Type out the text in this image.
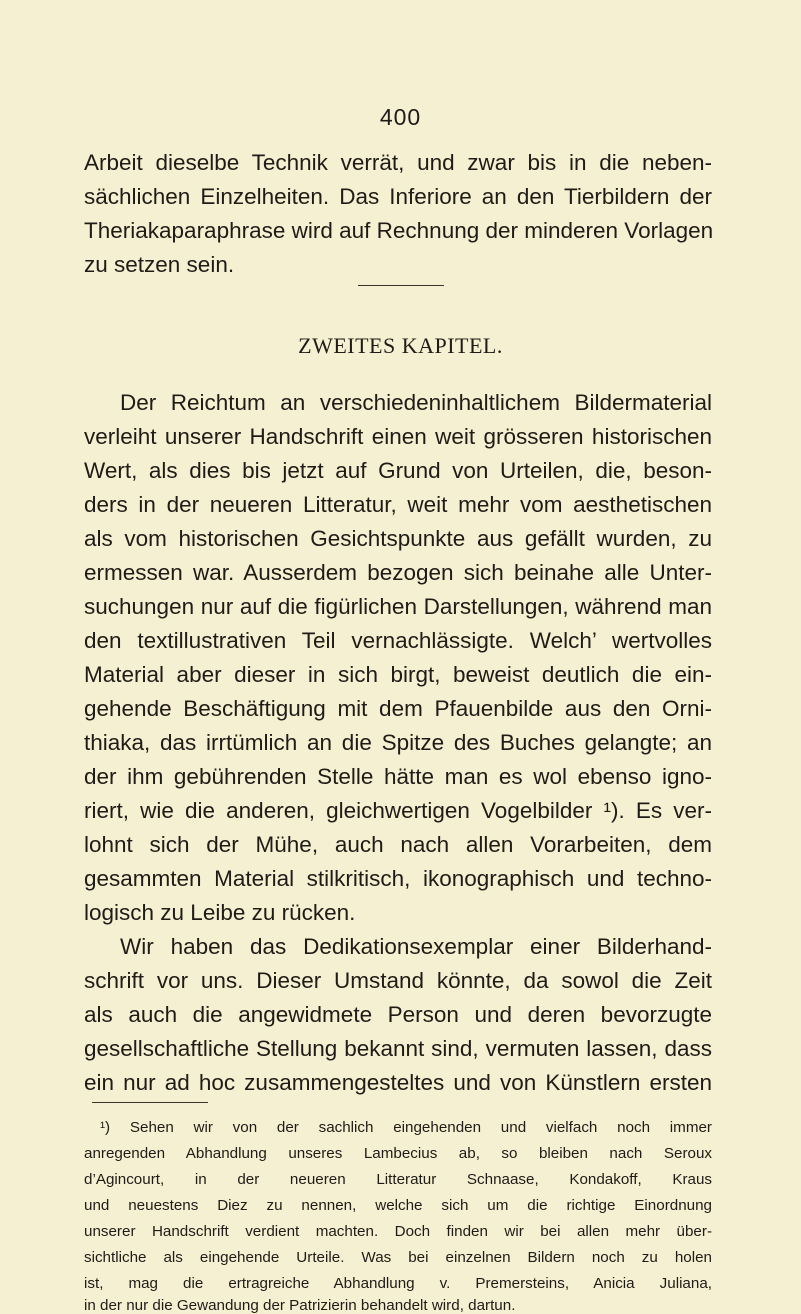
400
Arbeit dieselbe Technik verrät, und zwar bis in die neben-
sächlichen Einzelheiten. Das Inferiore an den Tierbildern der
Theriakaparaphrase wird auf Rechnung der minderen Vorlagen
zu setzen sein.
ZWEITES KAPITEL.
Der Reichtum an verschiedeninhaltlichem Bildermaterial
verleiht unserer Handschrift einen weit grösseren historischen
Wert, als dies bis jetzt auf Grund von Urteilen, die, beson-
ders in der neueren Litteratur, weit mehr vom aesthetischen
als vom historischen Gesichtspunkte aus gefällt wurden, zu
ermessen war. Ausserdem bezogen sich beinahe alle Unter-
suchungen nur auf die figürlichen Darstellungen, während man
den textillustrativen Teil vernachlässigte. Welch’ wertvolles
Material aber dieser in sich birgt, beweist deutlich die ein-
gehende Beschäftigung mit dem Pfauenbilde aus den Orni-
thiaka, das irrtümlich an die Spitze des Buches gelangte; an
der ihm gebührenden Stelle hätte man es wol ebenso igno-
riert, wie die anderen, gleichwertigen Vogelbilder ¹). Es ver-
lohnt sich der Mühe, auch nach allen Vorarbeiten, dem
gesammten Material stilkritisch, ikonographisch und techno-
logisch zu Leibe zu rücken.
Wir haben das Dedikationsexemplar einer Bilderhand-
schrift vor uns. Dieser Umstand könnte, da sowol die Zeit
als auch die angewidmete Person und deren bevorzugte
gesellschaftliche Stellung bekannt sind, vermuten lassen, dass
ein nur ad hoc zusammengesteltes und von Künstlern ersten
¹) Sehen wir von der sachlich eingehenden und vielfach noch immer
anregenden Abhandlung unseres Lambecius ab, so bleiben nach Seroux
d’Agincourt, in der neueren Litteratur Schnaase, Kondakoff, Kraus
und neuestens Diez zu nennen, welche sich um die richtige Einordnung
unserer Handschrift verdient machten. Doch finden wir bei allen mehr über-
sichtliche als eingehende Urteile. Was bei einzelnen Bildern noch zu holen
ist, mag die ertragreiche Abhandlung v. Premersteins, Anicia Juliana,
in der nur die Gewandung der Patrizierin behandelt wird, dartun.
